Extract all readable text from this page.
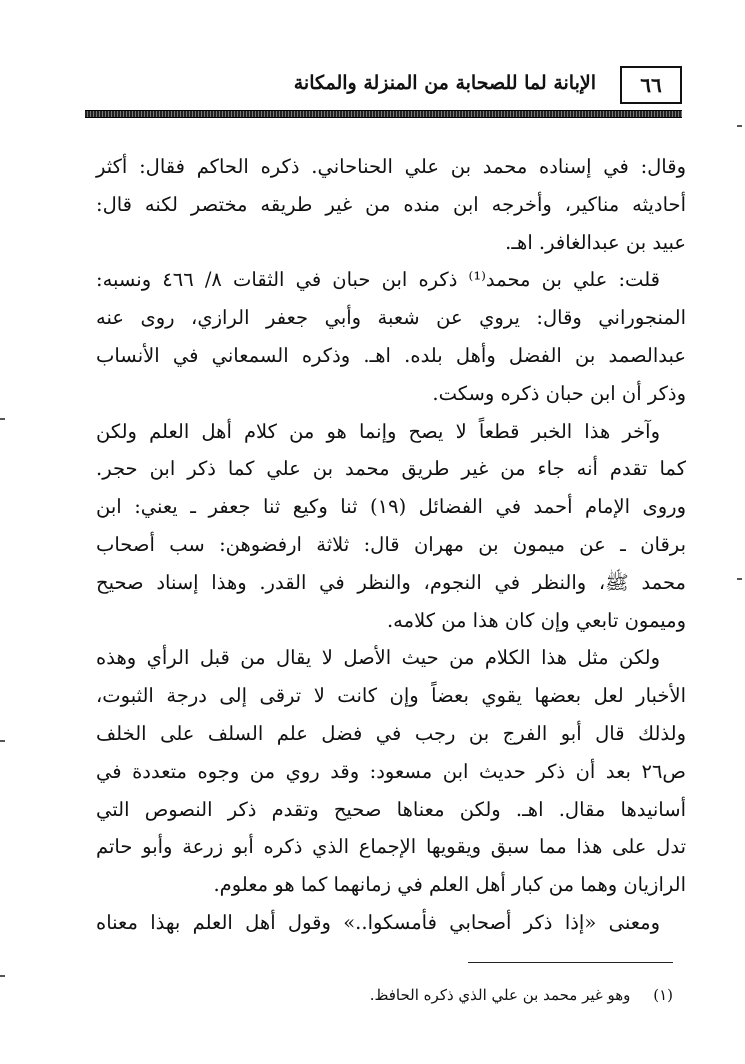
٦٦
الإبانة لما للصحابة من المنزلة والمكانة
وقال: في إسناده محمد بن علي الحناحاني. ذكره الحاكم فقال: أكثر
أحاديثه مناكير، وأخرجه ابن منده من غير طريقه مختصر لكنه قال:
عبيد بن عبدالغافر. اهـ.
قلت: علي بن محمد⁽¹⁾ ذكره ابن حبان في الثقات ٨/ ٤٦٦ ونسبه:
المنجوراني وقال: يروي عن شعبة وأبي جعفر الرازي، روى عنه
عبدالصمد بن الفضل وأهل بلده. اهـ. وذكره السمعاني في الأنساب
وذكر أن ابن حبان ذكره وسكت.
وآخر هذا الخبر قطعاً لا يصح وإنما هو من كلام أهل العلم ولكن
كما تقدم أنه جاء من غير طريق محمد بن علي كما ذكر ابن حجر.
وروى الإمام أحمد في الفضائل (١٩) ثنا وكيع ثنا جعفر ـ يعني: ابن
برقان ـ عن ميمون بن مهران قال: ثلاثة ارفضوهن: سب أصحاب
محمد ﷺ، والنظر في النجوم، والنظر في القدر. وهذا إسناد صحيح
وميمون تابعي وإن كان هذا من كلامه.
ولكن مثل هذا الكلام من حيث الأصل لا يقال من قبل الرأي وهذه
الأخبار لعل بعضها يقوي بعضاً وإن كانت لا ترقى إلى درجة الثبوت،
ولذلك قال أبو الفرج بن رجب في فضل علم السلف على الخلف
ص٢٦ بعد أن ذكر حديث ابن مسعود: وقد روي من وجوه متعددة في
أسانيدها مقال. اهـ. ولكن معناها صحيح وتقدم ذكر النصوص التي
تدل على هذا مما سبق ويقويها الإجماع الذي ذكره أبو زرعة وأبو حاتم
الرازيان وهما من كبار أهل العلم في زمانهما كما هو معلوم.
ومعنى «إذا ذكر أصحابي فأمسكوا..» وقول أهل العلم بهذا معناه
(١) وهو غير محمد بن علي الذي ذكره الحافظ.
